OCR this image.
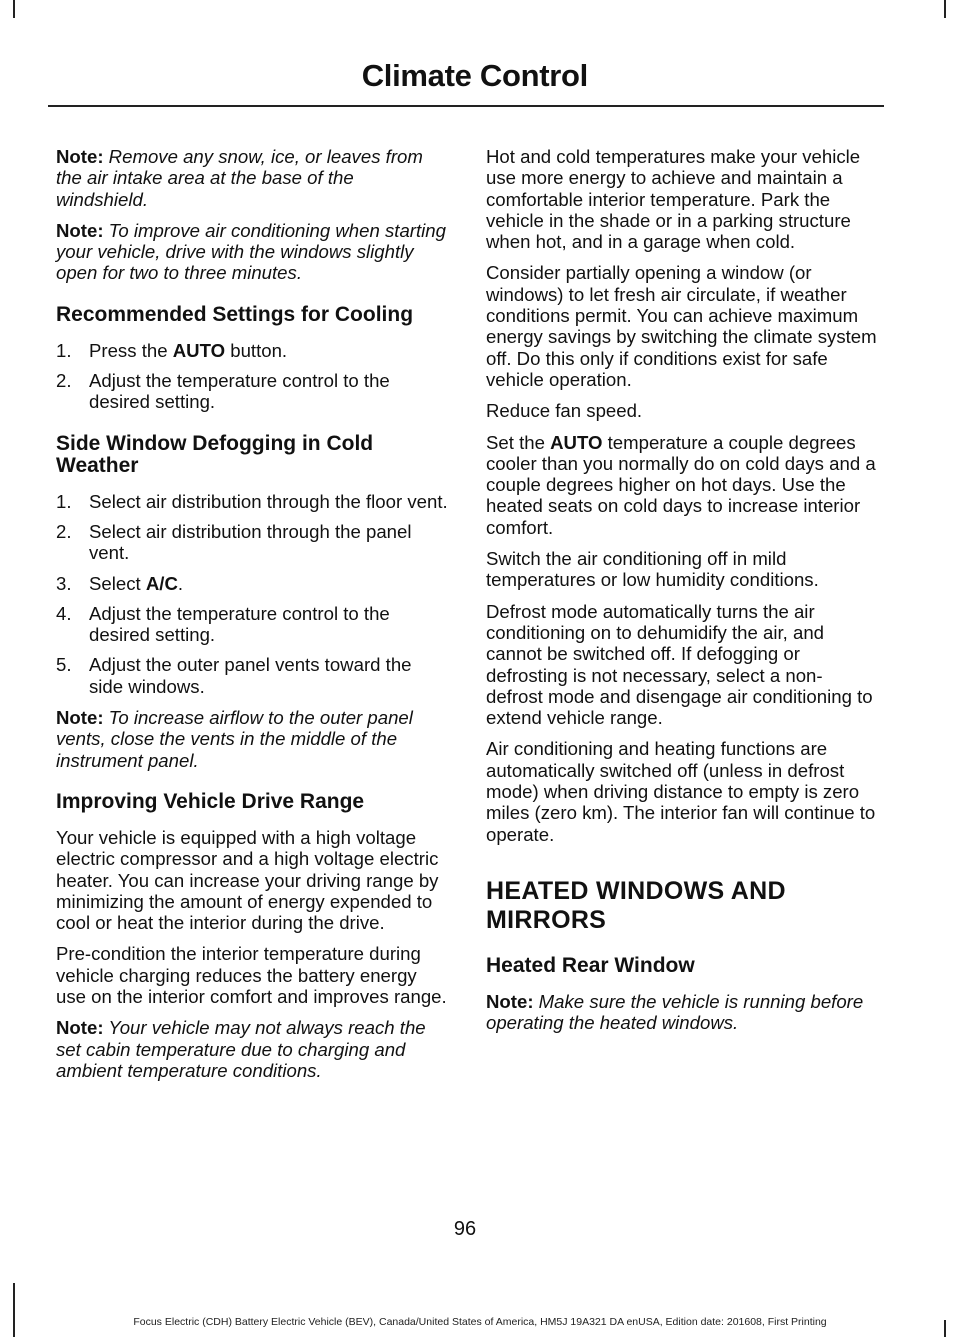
Climate Control

Note: Remove any snow, ice, or leaves from the air intake area at the base of the windshield.

Note: To improve air conditioning when starting your vehicle, drive with the windows slightly open for two to three minutes.

Recommended Settings for Cooling
1. Press the AUTO button.
2. Adjust the temperature control to the desired setting.
Side Window Defogging in Cold Weather
1. Select air distribution through the floor vent.
2. Select air distribution through the panel vent.
3. Select A/C.
4. Adjust the temperature control to the desired setting.
5. Adjust the outer panel vents toward the side windows.

Note: To increase airflow to the outer panel vents, close the vents in the middle of the instrument panel.

Improving Vehicle Drive Range

Your vehicle is equipped with a high voltage electric compressor and a high voltage electric heater. You can increase your driving range by minimizing the amount of energy expended to cool or heat the interior during the drive.

Pre-condition the interior temperature during vehicle charging reduces the battery energy use on the interior comfort and improves range.

Note: Your vehicle may not always reach the set cabin temperature due to charging and ambient temperature conditions.

Hot and cold temperatures make your vehicle use more energy to achieve and maintain a comfortable interior temperature. Park the vehicle in the shade or in a parking structure when hot, and in a garage when cold.

Consider partially opening a window (or windows) to let fresh air circulate, if weather conditions permit. You can achieve maximum energy savings by switching the climate system off. Do this only if conditions exist for safe vehicle operation.

Reduce fan speed.

Set the AUTO temperature a couple degrees cooler than you normally do on cold days and a couple degrees higher on hot days. Use the heated seats on cold days to increase interior comfort.

Switch the air conditioning off in mild temperatures or low humidity conditions.

Defrost mode automatically turns the air conditioning on to dehumidify the air, and cannot be switched off. If defogging or defrosting is not necessary, select a non-defrost mode and disengage air conditioning to extend vehicle range.

Air conditioning and heating functions are automatically switched off (unless in defrost mode) when driving distance to empty is zero miles (zero km). The interior fan will continue to operate.

HEATED WINDOWS AND MIRRORS
Heated Rear Window

Note: Make sure the vehicle is running before operating the heated windows.

96
Focus Electric (CDH) Battery Electric Vehicle (BEV), Canada/United States of America, HM5J 19A321 DA enUSA, Edition date: 201608, First Printing
